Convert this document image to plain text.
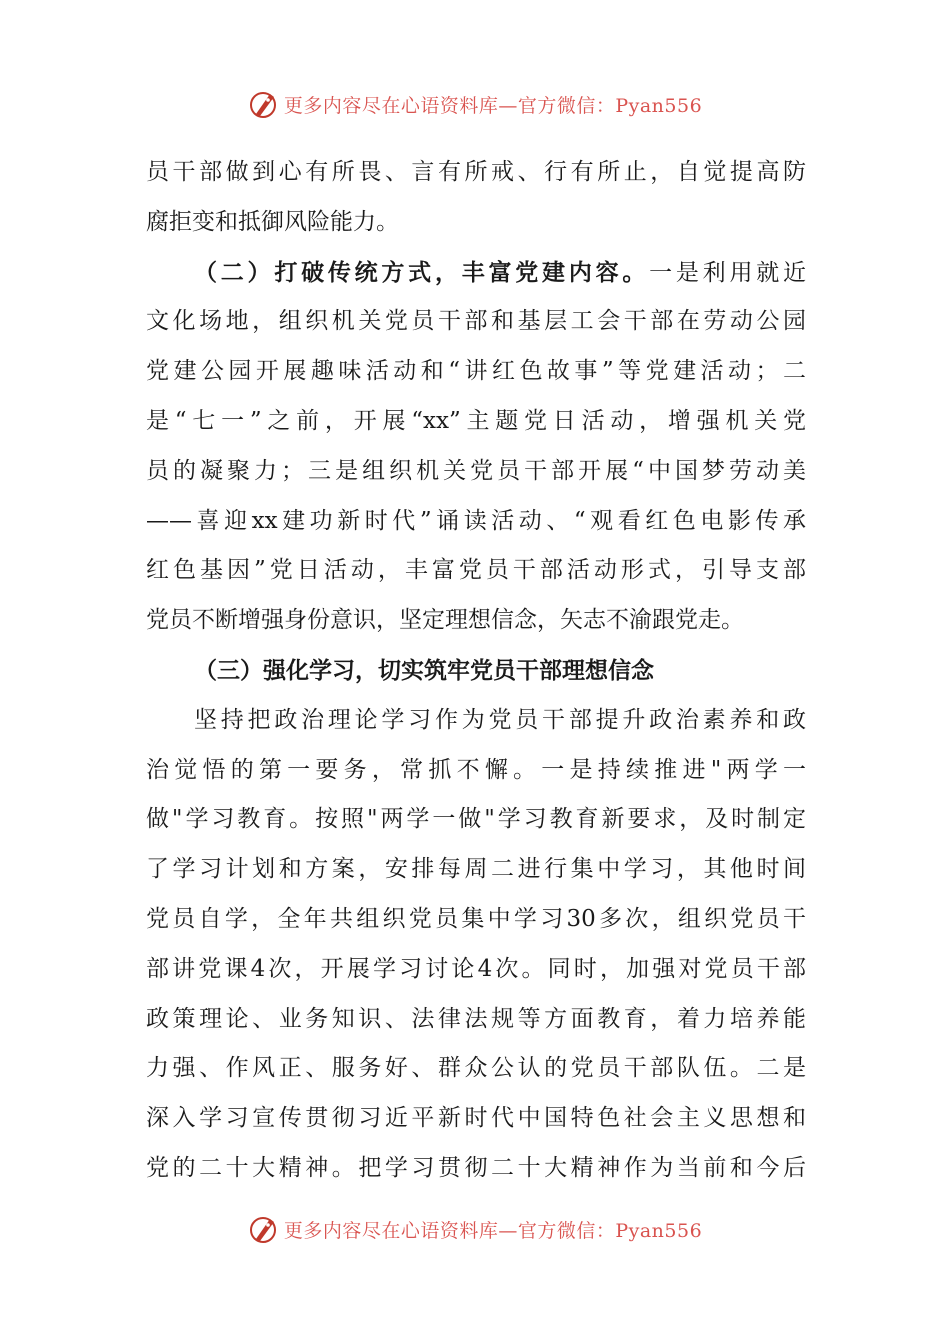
更多内容尽在心语资料库—官方微信：Pyan556
员干部做到心有所畏、言有所戒、行有所止，自觉提高防
腐拒变和抵御风险能力。
（二）打破传统方式，丰富党建内容。一是利用就近
文化场地，组织机关党员干部和基层工会干部在劳动公园
党建公园开展趣味活动和“讲红色故事”等党建活动；二
是“七一”之前，开展“xx”主题党日活动，增强机关党
员的凝聚力；三是组织机关党员干部开展“中国梦劳动美
——喜迎xx建功新时代”诵读活动、“观看红色电影传承
红色基因”党日活动，丰富党员干部活动形式，引导支部
党员不断增强身份意识，坚定理想信念，矢志不渝跟党走。
（三）强化学习，切实筑牢党员干部理想信念
坚持把政治理论学习作为党员干部提升政治素养和政
治觉悟的第一要务，常抓不懈。一是持续推进"两学一
做"学习教育。按照"两学一做"学习教育新要求，及时制定
了学习计划和方案，安排每周二进行集中学习，其他时间
党员自学，全年共组织党员集中学习30多次，组织党员干
部讲党课4次，开展学习讨论4次。同时，加强对党员干部
政策理论、业务知识、法律法规等方面教育，着力培养能
力强、作风正、服务好、群众公认的党员干部队伍。二是
深入学习宣传贯彻习近平新时代中国特色社会主义思想和
党的二十大精神。把学习贯彻二十大精神作为当前和今后
更多内容尽在心语资料库—官方微信：Pyan556
